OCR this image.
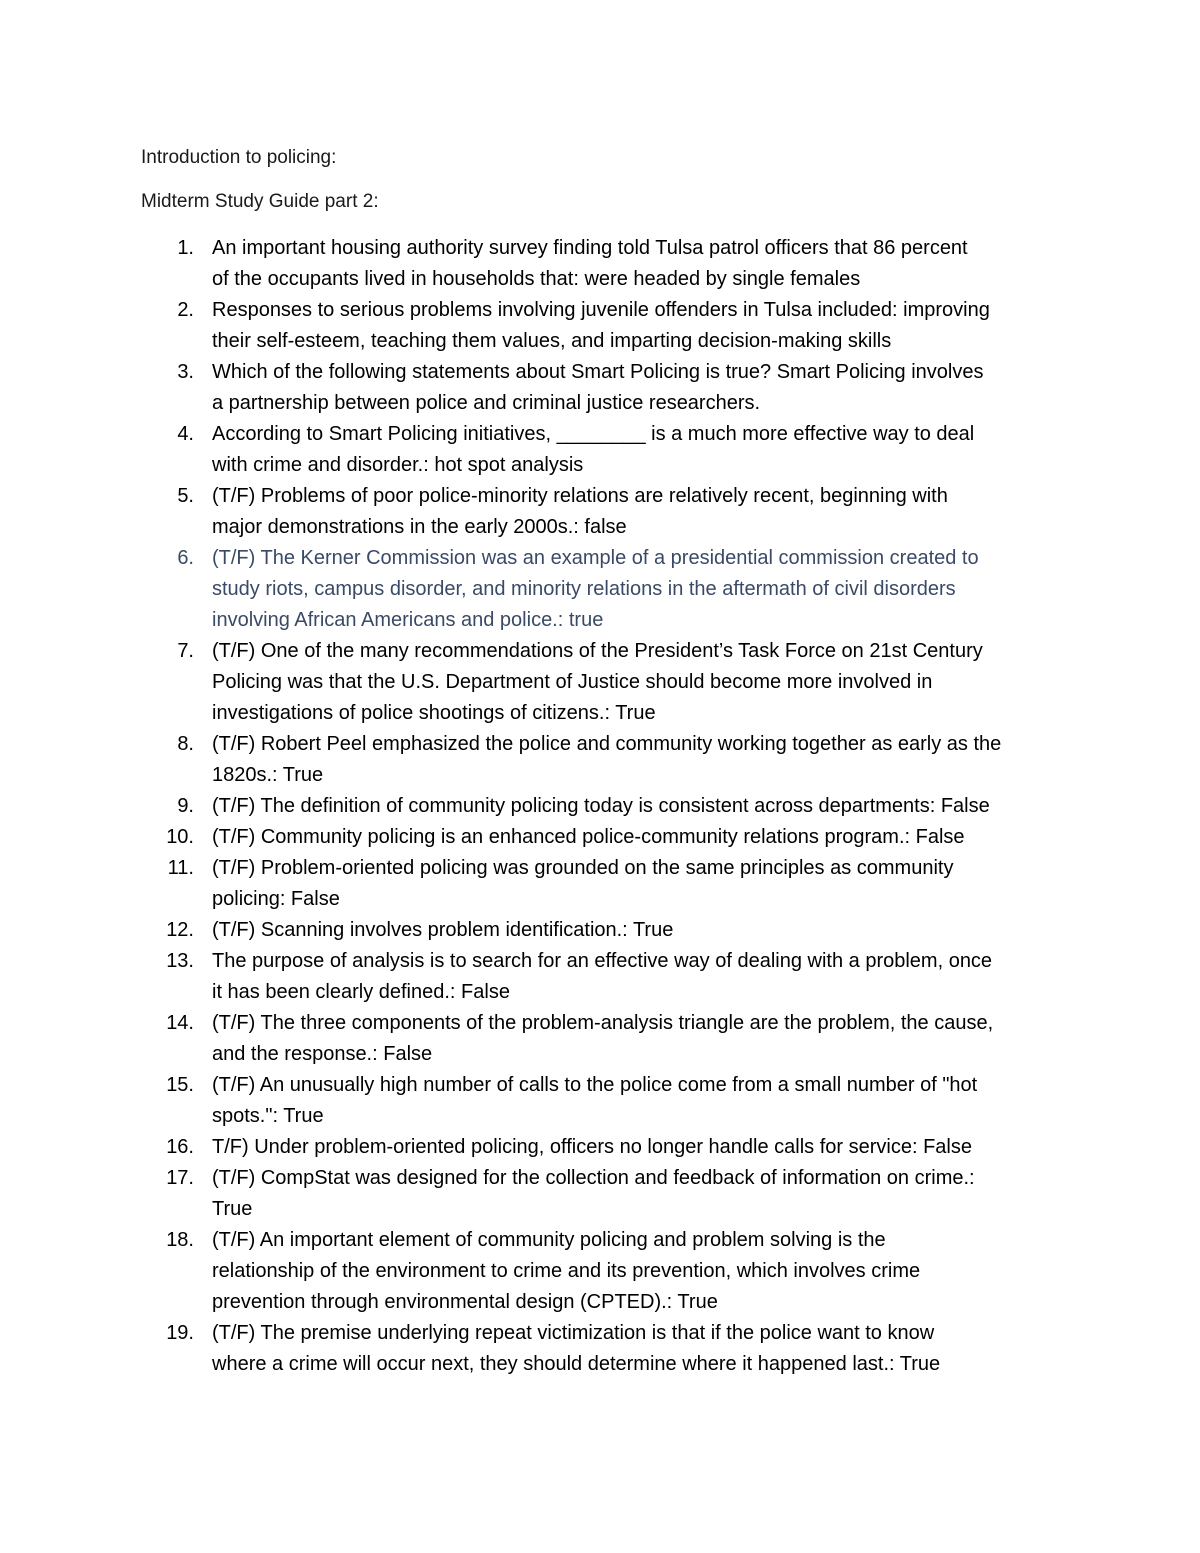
Introduction to policing:
Midterm Study Guide part 2:
1. An important housing authority survey finding told Tulsa patrol officers that 86 percent
of the occupants lived in households that: were headed by single females
2. Responses to serious problems involving juvenile offenders in Tulsa included: improving
their self-esteem, teaching them values, and imparting decision-making skills
3. Which of the following statements about Smart Policing is true? Smart Policing involves
a partnership between police and criminal justice researchers.
4. According to Smart Policing initiatives, ________ is a much more effective way to deal
with crime and disorder.: hot spot analysis
5. (T/F) Problems of poor police-minority relations are relatively recent, beginning with
major demonstrations in the early 2000s.: false
6. (T/F) The Kerner Commission was an example of a presidential commission created to
study riots, campus disorder, and minority relations in the aftermath of civil disorders
involving African Americans and police.: true
7. (T/F) One of the many recommendations of the President’s Task Force on 21st Century
Policing was that the U.S. Department of Justice should become more involved in
investigations of police shootings of citizens.: True
8. (T/F) Robert Peel emphasized the police and community working together as early as the
1820s.: True
9. (T/F) The definition of community policing today is consistent across departments: False
10. (T/F) Community policing is an enhanced police-community relations program.: False
11. (T/F) Problem-oriented policing was grounded on the same principles as community
policing: False
12. (T/F) Scanning involves problem identification.: True
13. The purpose of analysis is to search for an effective way of dealing with a problem, once
it has been clearly defined.: False
14. (T/F) The three components of the problem-analysis triangle are the problem, the cause,
and the response.: False
15. (T/F) An unusually high number of calls to the police come from a small number of "hot
spots.": True
16. T/F) Under problem-oriented policing, officers no longer handle calls for service: False
17. (T/F) CompStat was designed for the collection and feedback of information on crime.:
True
18. (T/F) An important element of community policing and problem solving is the
relationship of the environment to crime and its prevention, which involves crime
prevention through environmental design (CPTED).: True
19. (T/F) The premise underlying repeat victimization is that if the police want to know
where a crime will occur next, they should determine where it happened last.: True
